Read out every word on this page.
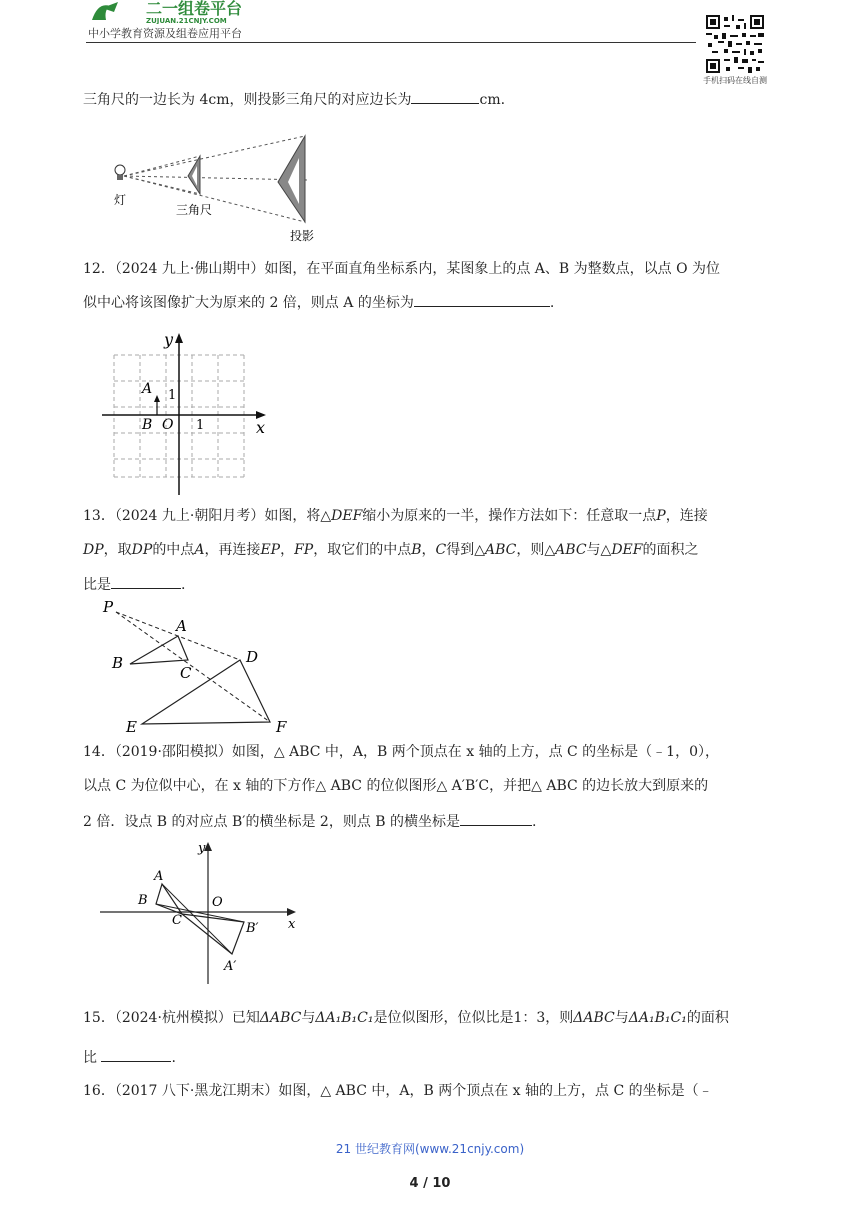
二一组卷平台
ZUJUAN.21CNJY.COM
中小学教育资源及组卷应用平台
手机扫码在线自测
三角尺的一边长为 4cm，则投影三角尺的对应边长为	cm.
灯
三角尺
投影
12．（2024 九上·佛山期中）如图，在平面直角坐标系内，某图象上的点 A、B 为整数点，以点 O 为位
似中心将该图像扩大为原来的 2 倍，则点 A 的坐标为	.
y
x
A
B O
1
1
13．（2024 九上·朝阳月考）如图，将△DEF缩小为原来的一半，操作方法如下：任意取一点P，连接
DP，取DP的中点A，再连接EP，FP，取它们的中点B，C得到△ABC，则△ABC与△DEF的面积之
比是	.
P
A
B
C
D
E	F
14．（2019·邵阳模拟）如图，△ ABC 中，A，B 两个顶点在 x 轴的上方，点 C 的坐标是（﹣1，0），
以点 C 为位似中心，在 x 轴的下方作△ ABC 的位似图形△ A′B′C，并把△ ABC 的边长放大到原来的
2 倍．设点 B 的对应点 B′的横坐标是 2，则点 B 的横坐标是	.
y
x
A
B
C
O
B′
A′
15．（2024·杭州模拟）已知ΔABC与ΔA₁B₁C₁是位似图形，位似比是1：3，则ΔABC与ΔA₁B₁C₁的面积
比	.
16．（2017 八下·黑龙江期末）如图，△ ABC 中，A，B 两个顶点在 x 轴的上方，点 C 的坐标是（﹣
21 世纪教育网(www.21cnjy.com)
4 / 10
